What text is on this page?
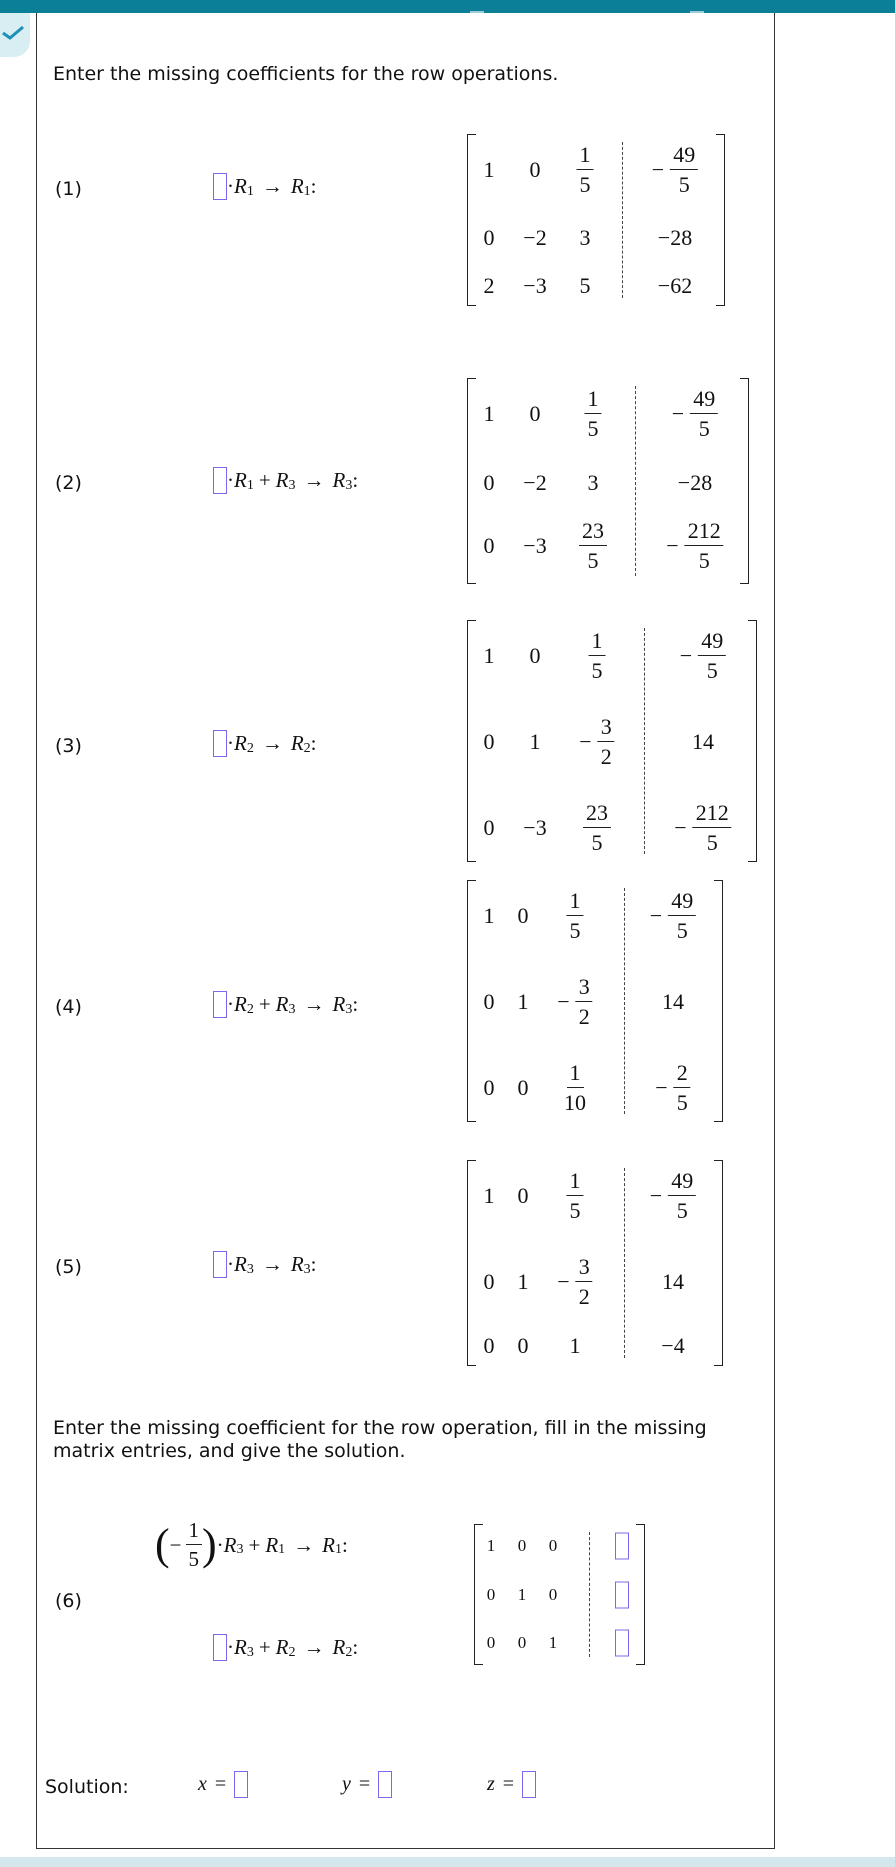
Enter the missing coefficients for the row operations.
(1)	· $R_1 \to R_1$ :
1 $0 \frac{1}{5}$	− $\frac{49}{5}$
0 −2 3	−28
2 −3 5	−62
(2)	· $R_1 + R_3 \to R_3$ :
1 $0 \frac{1}{5}$	− $\frac{49}{5}$
0 −2 3	−28
$0 -3 \frac{23}{5}$	− $\frac{212}{5}$
(3)	· $R_2 \to R_2$ :
1 $0 \frac{1}{5}$	− $\frac{49}{5}$
0 $1 - \frac{3}{2}$	14
$0 -3 \frac{23}{5}$	− $\frac{212}{5}$
(4)	· $R_2 + R_3 \to R_3$ :
1 $0 \frac{1}{5}$	− $\frac{49}{5}$
0 $1 - \frac{3}{2}$	14
0 $0 \frac{1}{10}$	− $\frac{2}{5}$
(5)	· $R_3 \to R_3$ :
1 $0 \frac{1}{5}$	− $\frac{49}{5}$
0 $1 - \frac{3}{2}$	14
0 0 1	−4
Enter the missing coefficient for the row operation, fill in the missing matrix entries, and give the solution.
(6)
( − $\frac{1}{5}$ ) · $R_3 + R_1 \to R_1$ :
· $R_3 + R_2 \to R_2$ :
1 0 0
0 1 0
0 0 1
Solution:	x =	y =	z =
